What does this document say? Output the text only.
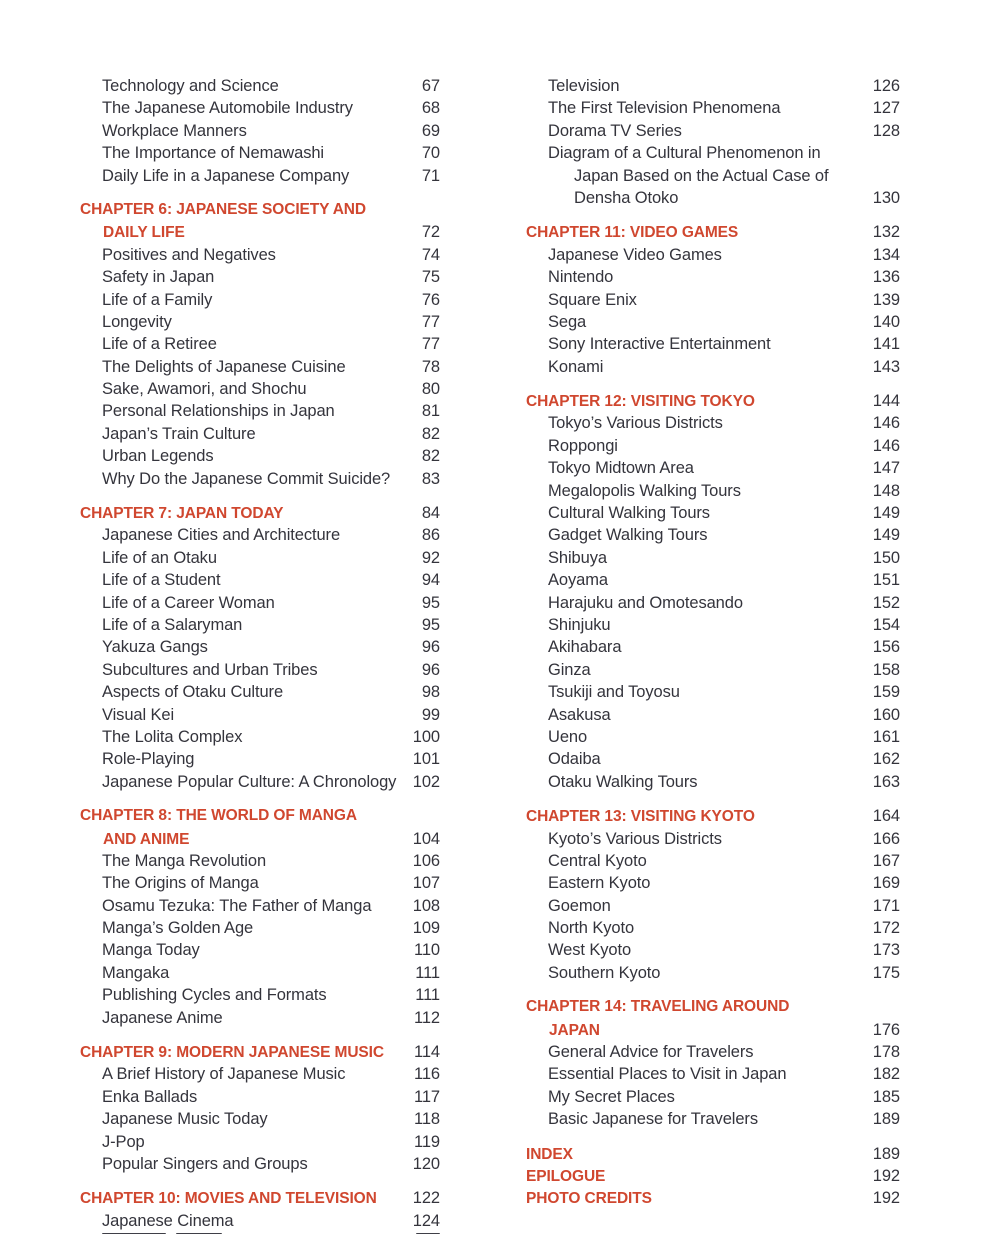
Technology and Science	67
The Japanese Automobile Industry	68
Workplace Manners	69
The Importance of Nemawashi	70
Daily Life in a Japanese Company	71
CHAPTER 6: JAPANESE SOCIETY AND
DAILY LIFE	72
Positives and Negatives	74
Safety in Japan	75
Life of a Family	76
Longevity	77
Life of a Retiree	77
The Delights of Japanese Cuisine	78
Sake, Awamori, and Shochu	80
Personal Relationships in Japan	81
Japan’s Train Culture	82
Urban Legends	82
Why Do the Japanese Commit Suicide?	83
CHAPTER 7: JAPAN TODAY	84
Japanese Cities and Architecture	86
Life of an Otaku	92
Life of a Student	94
Life of a Career Woman	95
Life of a Salaryman	95
Yakuza Gangs	96
Subcultures and Urban Tribes	96
Aspects of Otaku Culture	98
Visual Kei	99
The Lolita Complex	100
Role-Playing	101
Japanese Popular Culture: A Chronology 102
CHAPTER 8: THE WORLD OF MANGA
AND ANIME	104
The Manga Revolution	106
The Origins of Manga	107
Osamu Tezuka: The Father of Manga	108
Manga’s Golden Age	109
Manga Today	110
Mangaka	111
Publishing Cycles and Formats	111
Japanese Anime	112
CHAPTER 9: MODERN JAPANESE MUSIC	114
A Brief History of Japanese Music	116
Enka Ballads	117
Japanese Music Today	118
J-Pop	119
Popular Singers and Groups	120
CHAPTER 10: MOVIES AND TELEVISION	122
Japanese Cinema	124
Television	126
The First Television Phenomena	127
Dorama TV Series	128
Diagram of a Cultural Phenomenon in
Japan Based on the Actual Case of
Densha Otoko	130
CHAPTER 11: VIDEO GAMES	132
Japanese Video Games	134
Nintendo	136
Square Enix	139
Sega	140
Sony Interactive Entertainment	141
Konami	143
CHAPTER 12: VISITING TOKYO	144
Tokyo’s Various Districts	146
Roppongi	146
Tokyo Midtown Area	147
Megalopolis Walking Tours	148
Cultural Walking Tours	149
Gadget Walking Tours	149
Shibuya	150
Aoyama	151
Harajuku and Omotesando	152
Shinjuku	154
Akihabara	156
Ginza	158
Tsukiji and Toyosu	159
Asakusa	160
Ueno	161
Odaiba	162
Otaku Walking Tours	163
CHAPTER 13: VISITING KYOTO	164
Kyoto’s Various Districts	166
Central Kyoto	167
Eastern Kyoto	169
Goemon	171
North Kyoto	172
West Kyoto	173
Southern Kyoto	175
CHAPTER 14: TRAVELING AROUND
JAPAN	176
General Advice for Travelers	178
Essential Places to Visit in Japan	182
My Secret Places	185
Basic Japanese for Travelers	189
INDEX	189
EPILOGUE	192
PHOTO CREDITS	192
